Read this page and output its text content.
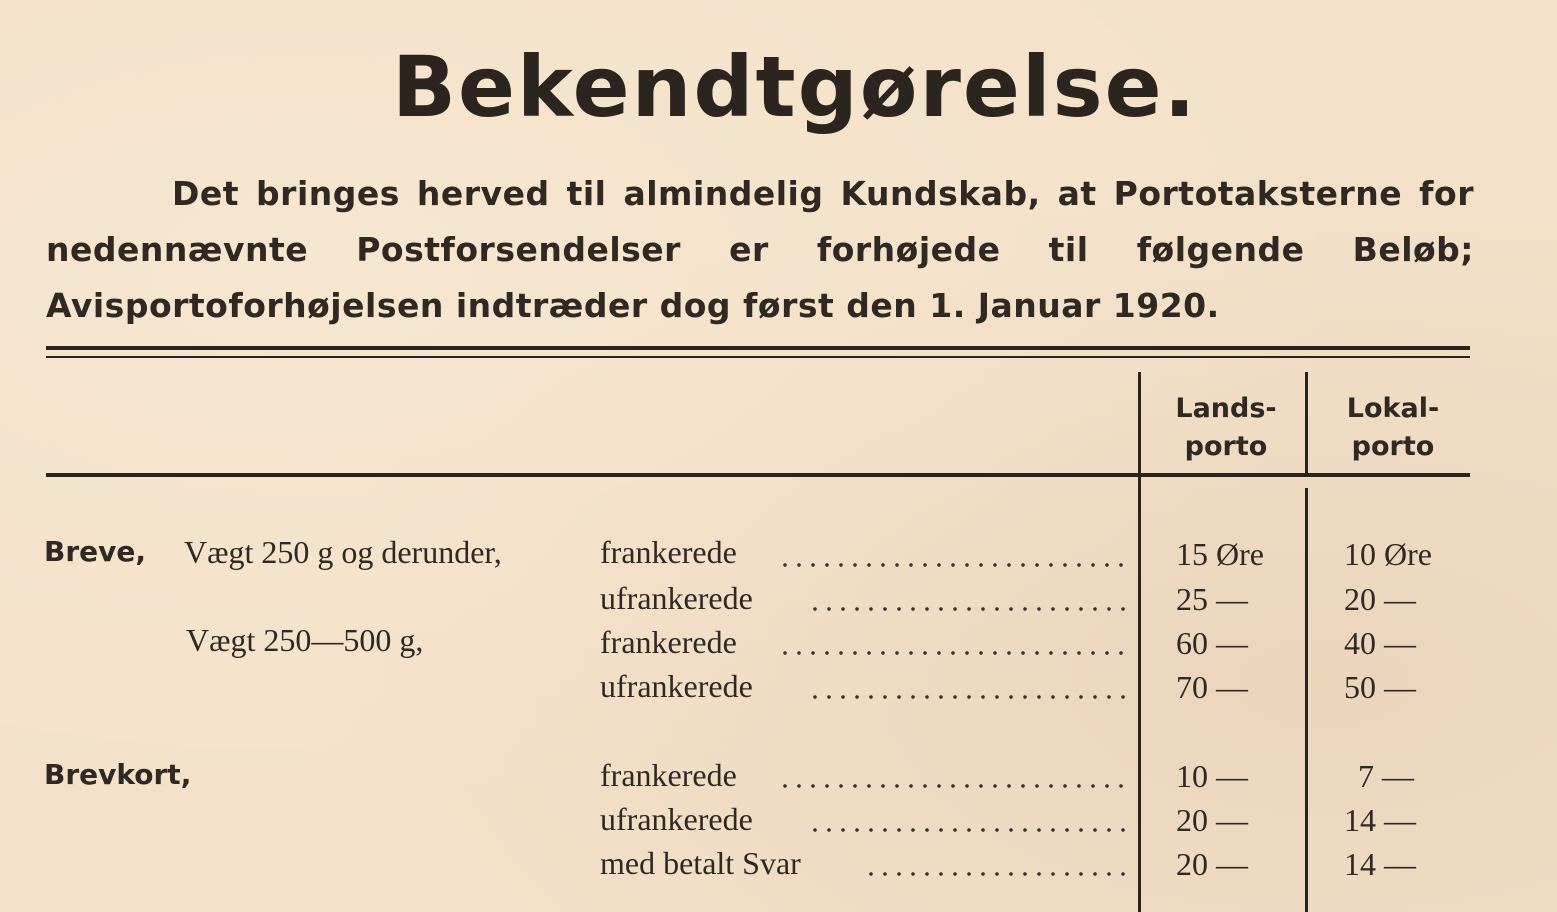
Bekendtgørelse.
Det bringes herved til almindelig Kundskab, at Portotaksterne for nedennævnte Postforsendelser er forhøjede til følgende Beløb; Avisportoforhøjelsen indtræder dog først den 1. Januar 1920.
Lands-
porto
Lokal-
porto
Breve, Vægt 250 g og derunder,	frankerede	15 Øre	10 Øre
ufrankerede	25 —	20 —
Vægt 250—500 g,	frankerede	60 —	40 —
ufrankerede	70 —	50 —
Brevkort,	frankerede	10 —	7 —
ufrankerede	20 —	14 —
med betalt Svar	20 —	14 —
